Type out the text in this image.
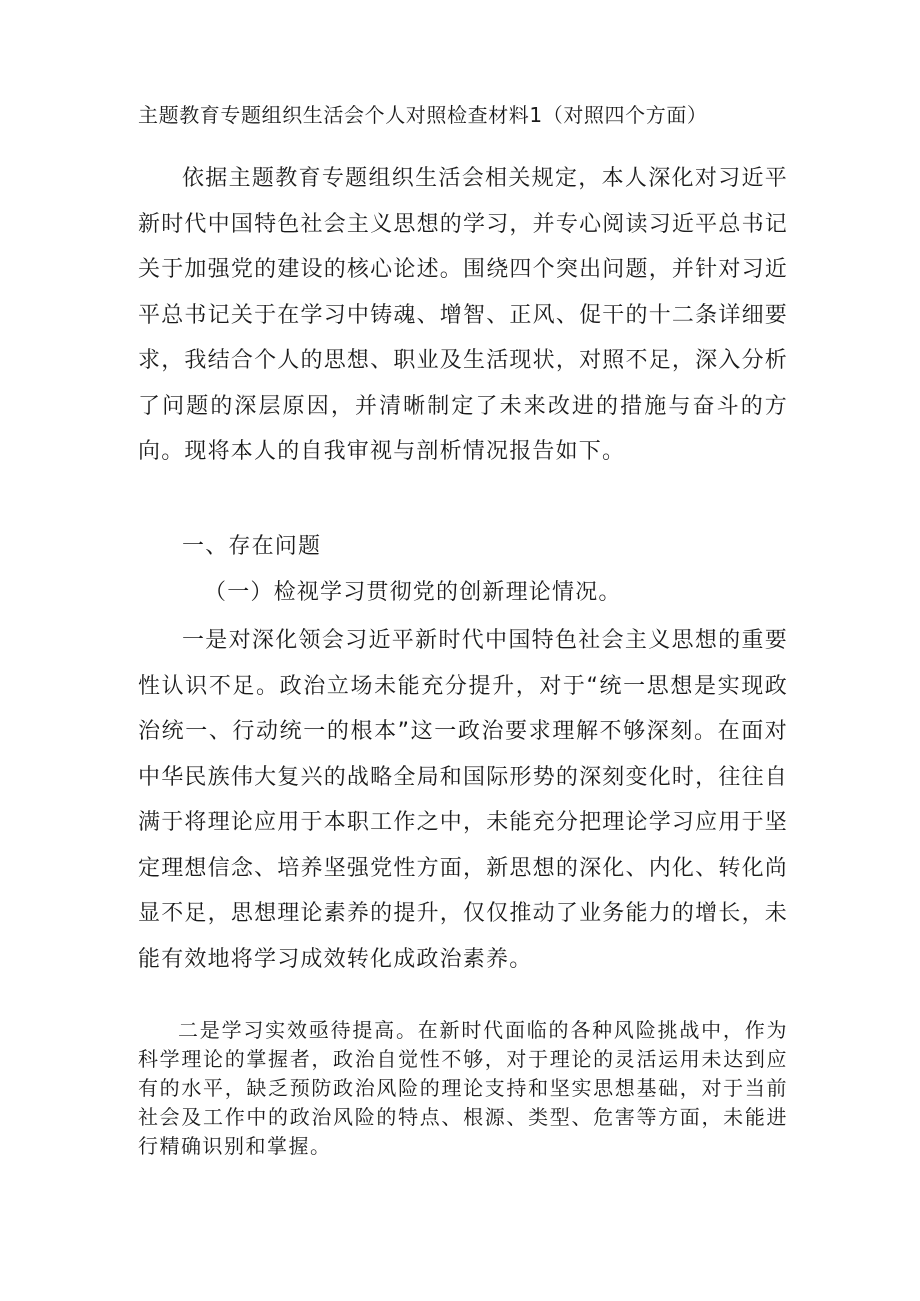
主题教育专题组织生活会个人对照检查材料1（对照四个方面）
依据主题教育专题组织生活会相关规定，本人深化对习近平新时代中国特色社会主义思想的学习，并专心阅读习近平总书记关于加强党的建设的核心论述。围绕四个突出问题，并针对习近平总书记关于在学习中铸魂、增智、正风、促干的十二条详细要求，我结合个人的思想、职业及生活现状，对照不足，深入分析了问题的深层原因，并清晰制定了未来改进的措施与奋斗的方向。现将本人的自我审视与剖析情况报告如下。
一、存在问题
（一）检视学习贯彻党的创新理论情况。
一是对深化领会习近平新时代中国特色社会主义思想的重要性认识不足。政治立场未能充分提升，对于“统一思想是实现政治统一、行动统一的根本”这一政治要求理解不够深刻。在面对中华民族伟大复兴的战略全局和国际形势的深刻变化时，往往自满于将理论应用于本职工作之中，未能充分把理论学习应用于坚定理想信念、培养坚强党性方面，新思想的深化、内化、转化尚显不足，思想理论素养的提升，仅仅推动了业务能力的增长，未能有效地将学习成效转化成政治素养。
二是学习实效亟待提高。在新时代面临的各种风险挑战中，作为科学理论的掌握者，政治自觉性不够，对于理论的灵活运用未达到应有的水平，缺乏预防政治风险的理论支持和坚实思想基础，对于当前社会及工作中的政治风险的特点、根源、类型、危害等方面，未能进行精确识别和掌握。
